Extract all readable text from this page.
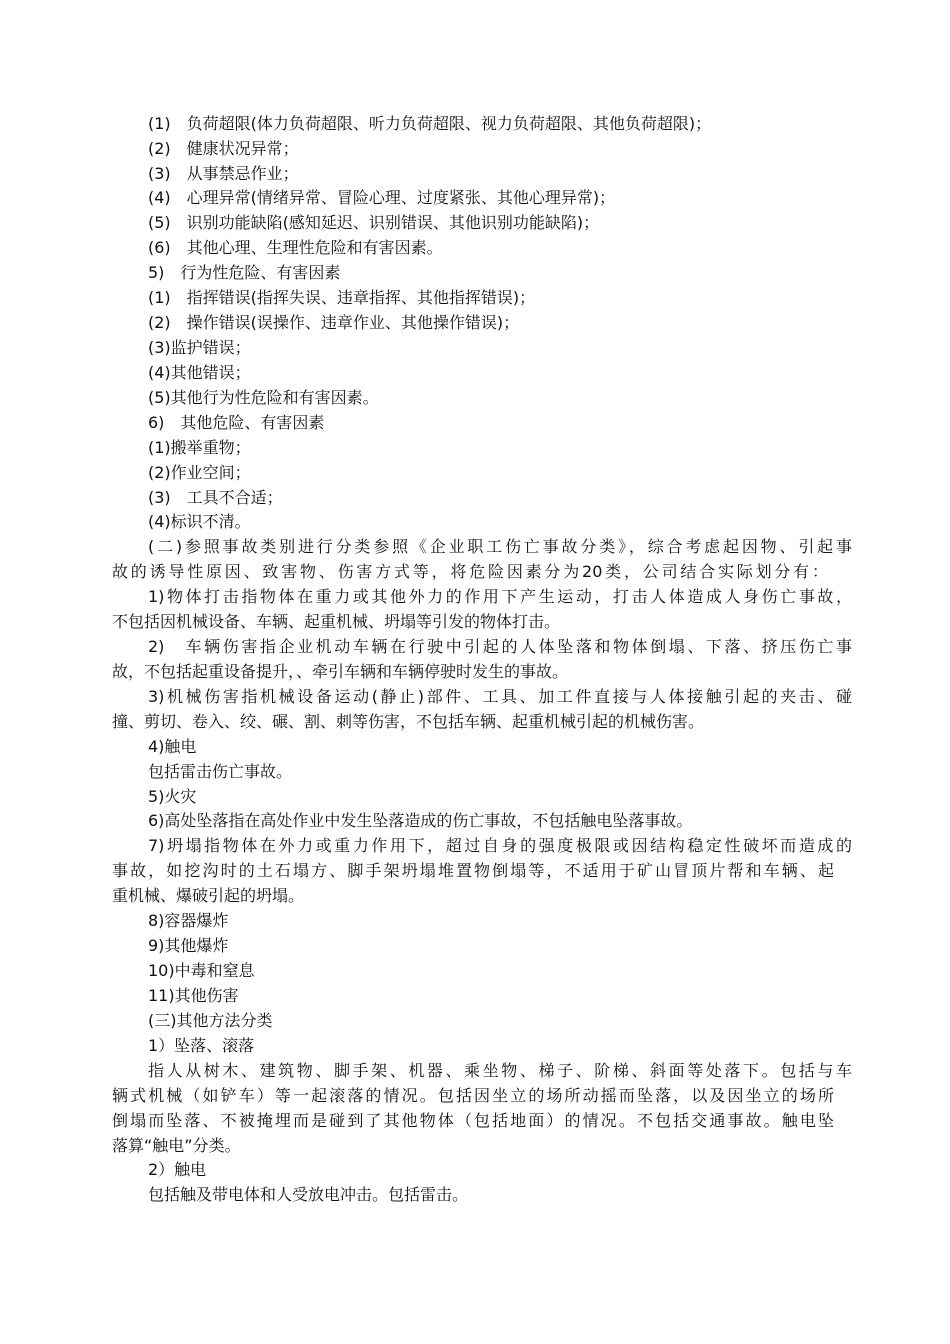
(1)　负荷超限(体力负荷超限、听力负荷超限、视力负荷超限、其他负荷超限)；
(2)　健康状况异常；
(3)　从事禁忌作业；
(4)　心理异常(情绪异常、冒险心理、过度紧张、其他心理异常)；
(5)　识别功能缺陷(感知延迟、识别错误、其他识别功能缺陷)；
(6)　其他心理、生理性危险和有害因素。
5)　行为性危险、有害因素
(1)　指挥错误(指挥失误、违章指挥、其他指挥错误)；
(2)　操作错误(误操作、违章作业、其他操作错误)；
(3)监护错误；
(4)其他错误；
(5)其他行为性危险和有害因素。
6)　其他危险、有害因素
(1)搬举重物；
(2)作业空间；
(3)　工具不合适；
(4)标识不清。
(二)参照事故类别进行分类参照《企业职工伤亡事故分类》，综合考虑起因物、引起事
故的诱导性原因、致害物、伤害方式等，将危险因素分为20类，公司结合实际划分有：
1)物体打击指物体在重力或其他外力的作用下产生运动，打击人体造成人身伤亡事故，
不包括因机械设备、车辆、起重机械、坍塌等引发的物体打击。
2)　车辆伤害指企业机动车辆在行驶中引起的人体坠落和物体倒塌、下落、挤压伤亡事
故，不包括起重设备提升，、牵引车辆和车辆停驶时发生的事故。
3)机械伤害指机械设备运动(静止)部件、工具、加工件直接与人体接触引起的夹击、碰
撞、剪切、卷入、绞、碾、割、刺等伤害，不包括车辆、起重机械引起的机械伤害。
4)触电
包括雷击伤亡事故。
5)火灾
6)高处坠落指在高处作业中发生坠落造成的伤亡事故，不包括触电坠落事故。
7)坍塌指物体在外力或重力作用下，超过自身的强度极限或因结构稳定性破坏而造成的
事故，如挖沟时的土石塌方、脚手架坍塌堆置物倒塌等，不适用于矿山冒顶片帮和车辆、起
重机械、爆破引起的坍塌。
8)容器爆炸
9)其他爆炸
10)中毒和窒息
11)其他伤害
(三)其他方法分类
1）坠落、滚落
指人从树木、建筑物、脚手架、机器、乘坐物、梯子、阶梯、斜面等处落下。包括与车
辆式机械（如铲车）等一起滚落的情况。包括因坐立的场所动摇而坠落，以及因坐立的场所
倒塌而坠落、不被掩埋而是碰到了其他物体（包括地面）的情况。不包括交通事故。触电坠
落算“触电”分类。
2）触电
包括触及带电体和人受放电冲击。包括雷击。
